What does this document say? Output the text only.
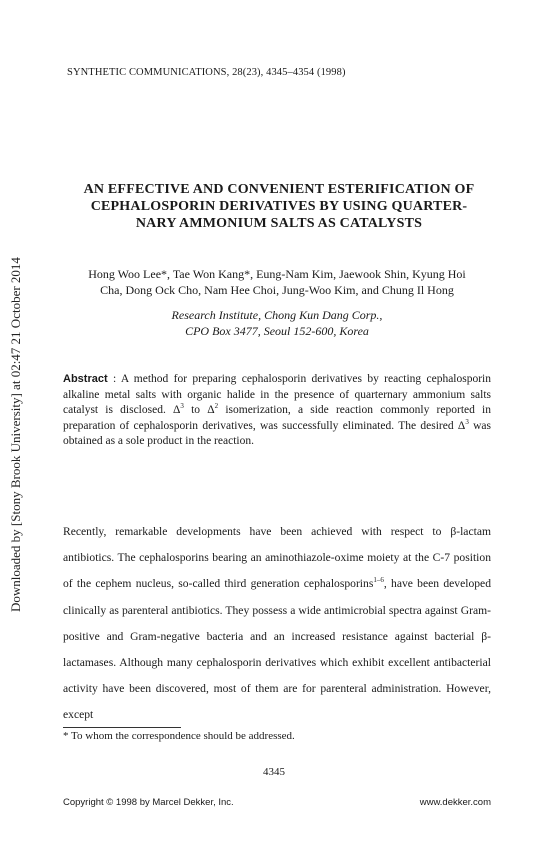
Downloaded by [Stony Brook University] at 02:47 21 October 2014
SYNTHETIC COMMUNICATIONS, 28(23), 4345–4354 (1998)
AN EFFECTIVE AND CONVENIENT ESTERIFICATION OF
CEPHALOSPORIN DERIVATIVES BY USING QUARTER-
NARY AMMONIUM SALTS AS CATALYSTS
Hong Woo Lee*, Tae Won Kang*, Eung-Nam Kim, Jaewook Shin, Kyung Hoi
Cha, Dong Ock Cho, Nam Hee Choi, Jung-Woo Kim, and Chung Il Hong
Research Institute, Chong Kun Dang Corp.,
CPO Box 3477, Seoul 152-600, Korea
Abstract : A method for preparing cephalosporin derivatives by reacting cephalosporin alkaline metal salts with organic halide in the presence of quarternary ammonium salts catalyst is disclosed. $\Delta^3$ to $\Delta^2$ isomerization, a side reaction commonly reported in preparation of cephalosporin derivatives, was successfully eliminated. The desired $\Delta^3$ was obtained as a sole product in the reaction.
Recently, remarkable developments have been achieved with respect to β-lactam antibiotics. The cephalosporins bearing an aminothiazole-oxime moiety at the C-7 position of the cephem nucleus, so-called third generation cephalosporins$^{1-6}$, have been developed clinically as parenteral antibiotics. They possess a wide antimicrobial spectra against Gram-positive and Gram-negative bacteria and an increased resistance against bacterial β-lactamases. Although many cephalosporin derivatives which exhibit excellent antibacterial activity have been discovered, most of them are for parenteral administration. However, except
* To whom the correspondence should be addressed.
4345
Copyright © 1998 by Marcel Dekker, Inc.	www.dekker.com
